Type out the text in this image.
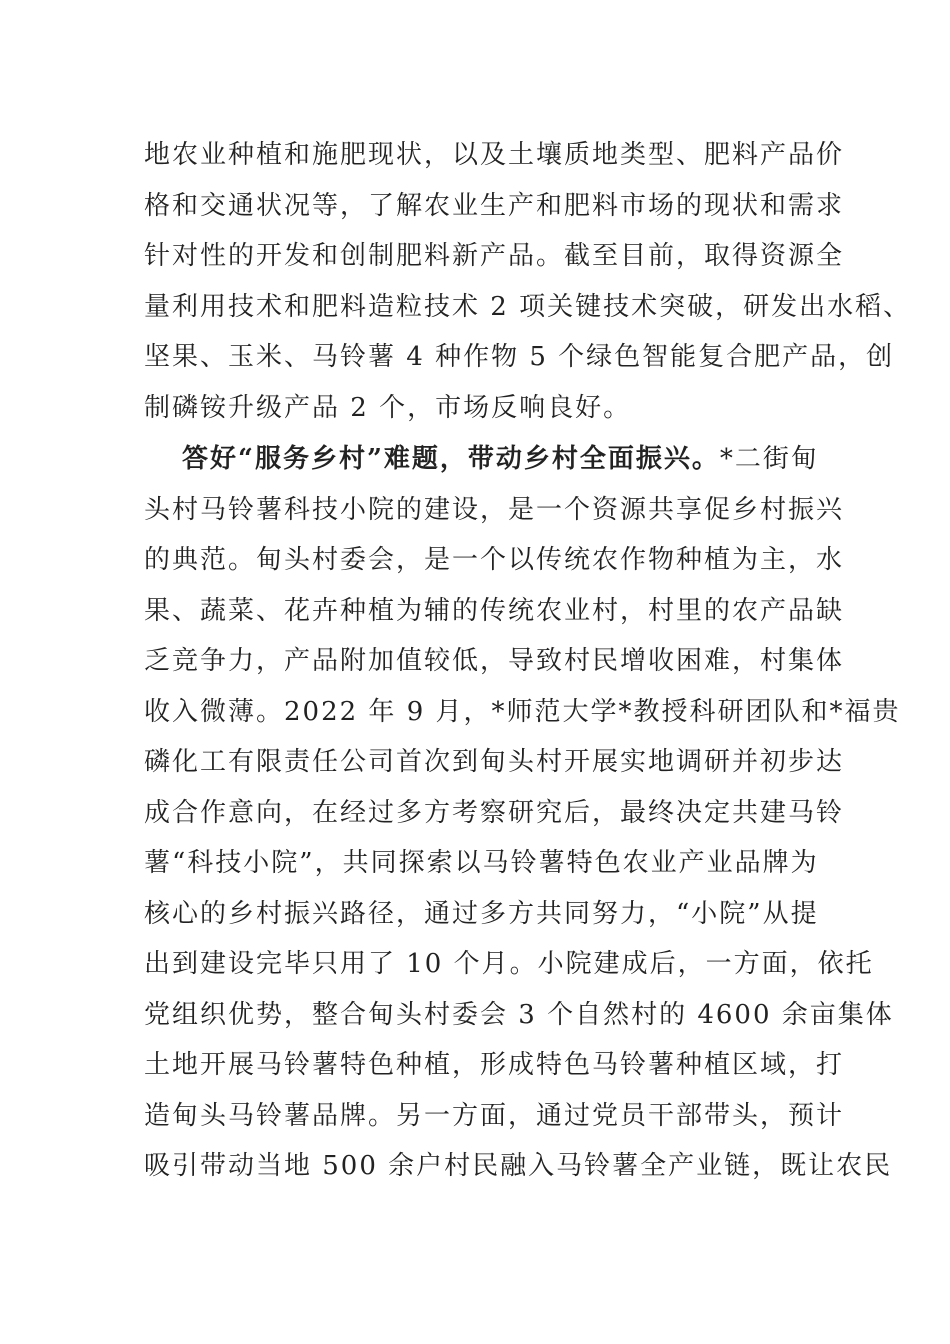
地农业种植和施肥现状，以及土壤质地类型、肥料产品价
格和交通状况等，了解农业生产和肥料市场的现状和需求
针对性的开发和创制肥料新产品。截至目前，取得资源全
量利用技术和肥料造粒技术 2 项关键技术突破，研发出水稻、
坚果、玉米、马铃薯 4 种作物 5 个绿色智能复合肥产品，创
制磷铵升级产品 2 个，市场反响良好。
答好“服务乡村”难题，带动乡村全面振兴。*二街甸
头村马铃薯科技小院的建设，是一个资源共享促乡村振兴
的典范。甸头村委会，是一个以传统农作物种植为主，水
果、蔬菜、花卉种植为辅的传统农业村，村里的农产品缺
乏竞争力，产品附加值较低，导致村民增收困难，村集体
收入微薄。2022 年 9 月，*师范大学*教授科研团队和*福贵
磷化工有限责任公司首次到甸头村开展实地调研并初步达
成合作意向，在经过多方考察研究后，最终决定共建马铃
薯“科技小院”，共同探索以马铃薯特色农业产业品牌为
核心的乡村振兴路径，通过多方共同努力，“小院”从提
出到建设完毕只用了 10 个月。小院建成后，一方面，依托
党组织优势，整合甸头村委会 3 个自然村的 4600 余亩集体
土地开展马铃薯特色种植，形成特色马铃薯种植区域，打
造甸头马铃薯品牌。另一方面，通过党员干部带头，预计
吸引带动当地 500 余户村民融入马铃薯全产业链，既让农民
